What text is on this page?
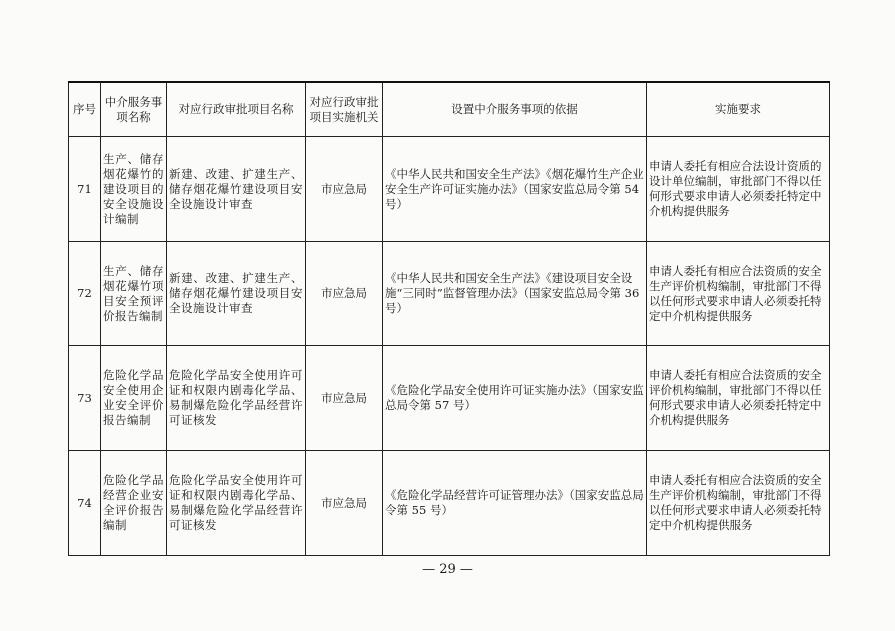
序号	中介服务事项名称	对应行政审批项目名称	对应行政审批项目实施机关	设置中介服务事项的依据	实施要求
71	生产、储存烟花爆竹的建设项目的安全设施设计编制	新建、改建、扩建生产、储存烟花爆竹建设项目安全设施设计审查	市应急局	《中华人民共和国安全生产法》《烟花爆竹生产企业安全生产许可证实施办法》（国家安监总局令第 54 号）	申请人委托有相应合法设计资质的设计单位编制，审批部门不得以任何形式要求申请人必须委托特定中介机构提供服务
72	生产、储存烟花爆竹项目安全预评价报告编制	新建、改建、扩建生产、储存烟花爆竹建设项目安全设施设计审查	市应急局	《中华人民共和国安全生产法》《建设项目安全设施“三同时”监督管理办法》（国家安监总局令第 36 号）	申请人委托有相应合法资质的安全生产评价机构编制，审批部门不得以任何形式要求申请人必须委托特定中介机构提供服务
73	危险化学品安全使用企业安全评价报告编制	危险化学品安全使用许可证和权限内剧毒化学品、易制爆危险化学品经营许可证核发	市应急局	《危险化学品安全使用许可证实施办法》（国家安监总局令第 57 号）	申请人委托有相应合法资质的安全评价机构编制，审批部门不得以任何形式要求申请人必须委托特定中介机构提供服务
74	危险化学品经营企业安全评价报告编制	危险化学品安全使用许可证和权限内剧毒化学品、易制爆危险化学品经营许可证核发	市应急局	《危险化学品经营许可证管理办法》（国家安监总局令第 55 号）	申请人委托有相应合法资质的安全生产评价机构编制，审批部门不得以任何形式要求申请人必须委托特定中介机构提供服务
— 29 —
